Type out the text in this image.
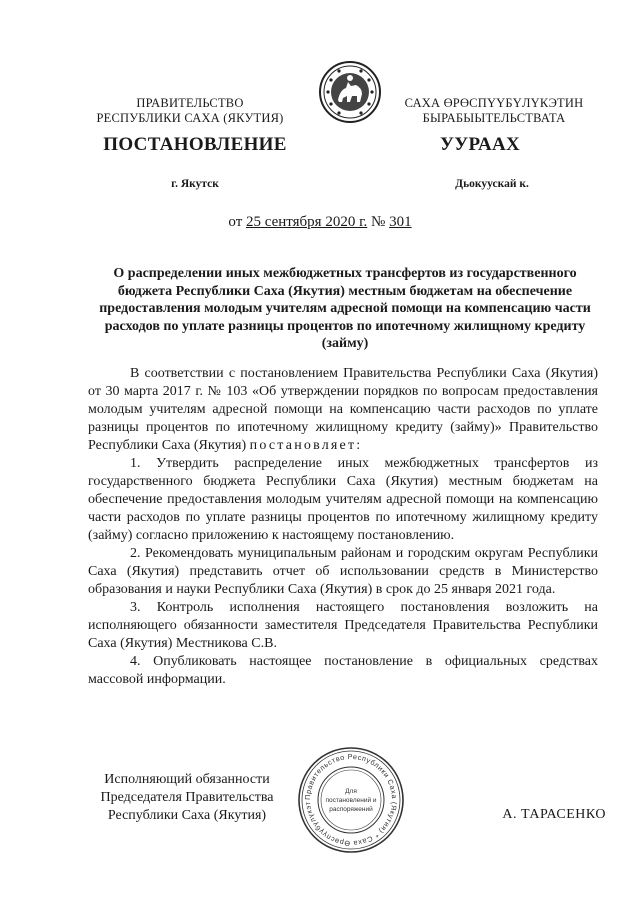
ПРАВИТЕЛЬСТВО
РЕСПУБЛИКИ САХА (ЯКУТИЯ)
САХА ӨРӨСПҮҮБҮЛҮКЭТИН
БЫРАБЫЫТЕЛЬСТВАТА
ПОСТАНОВЛЕНИЕ	УУРААХ
г. Якутск	Дьокуускай к.
от 25 сентября 2020 г. № 301
О распределении иных межбюджетных трансфертов из государственного бюджета Республики Саха (Якутия) местным бюджетам на обеспечение предоставления молодым учителям адресной помощи на компенсацию части расходов по уплате разницы процентов по ипотечному жилищному кредиту (займу)

В соответствии с постановлением Правительства Республики Саха (Якутия) от 30 марта 2017 г. № 103 «Об утверждении порядков по вопросам предоставления молодым учителям адресной помощи на компенсацию части расходов по уплате разницы процентов по ипотечному жилищному кредиту (займу)» Правительство Республики Саха (Якутия) постановляет:

1. Утвердить распределение иных межбюджетных трансфертов из государственного бюджета Республики Саха (Якутия) местным бюджетам на обеспечение предоставления молодым учителям адресной помощи на компенсацию части расходов по уплате разницы процентов по ипотечному жилищному кредиту (займу) согласно приложению к настоящему постановлению.

2. Рекомендовать муниципальным районам и городским округам Республики Саха (Якутия) представить отчет об использовании средств в Министерство образования и науки Республики Саха (Якутия) в срок до 25 января 2021 года.

3. Контроль исполнения настоящего постановления возложить на исполняющего обязанности заместителя Председателя Правительства Республики Саха (Якутия) Местникова С.В.

4. Опубликовать настоящее постановление в официальных средствах массовой информации.

Исполняющий обязанности
Председателя Правительства
Республики Саха (Якутия)
Правительство Республики Саха (Якутия) * Саха Өрөспүүбүлүкэт
Для
постановлений и
распоряжений	А. ТАРАСЕНКО
